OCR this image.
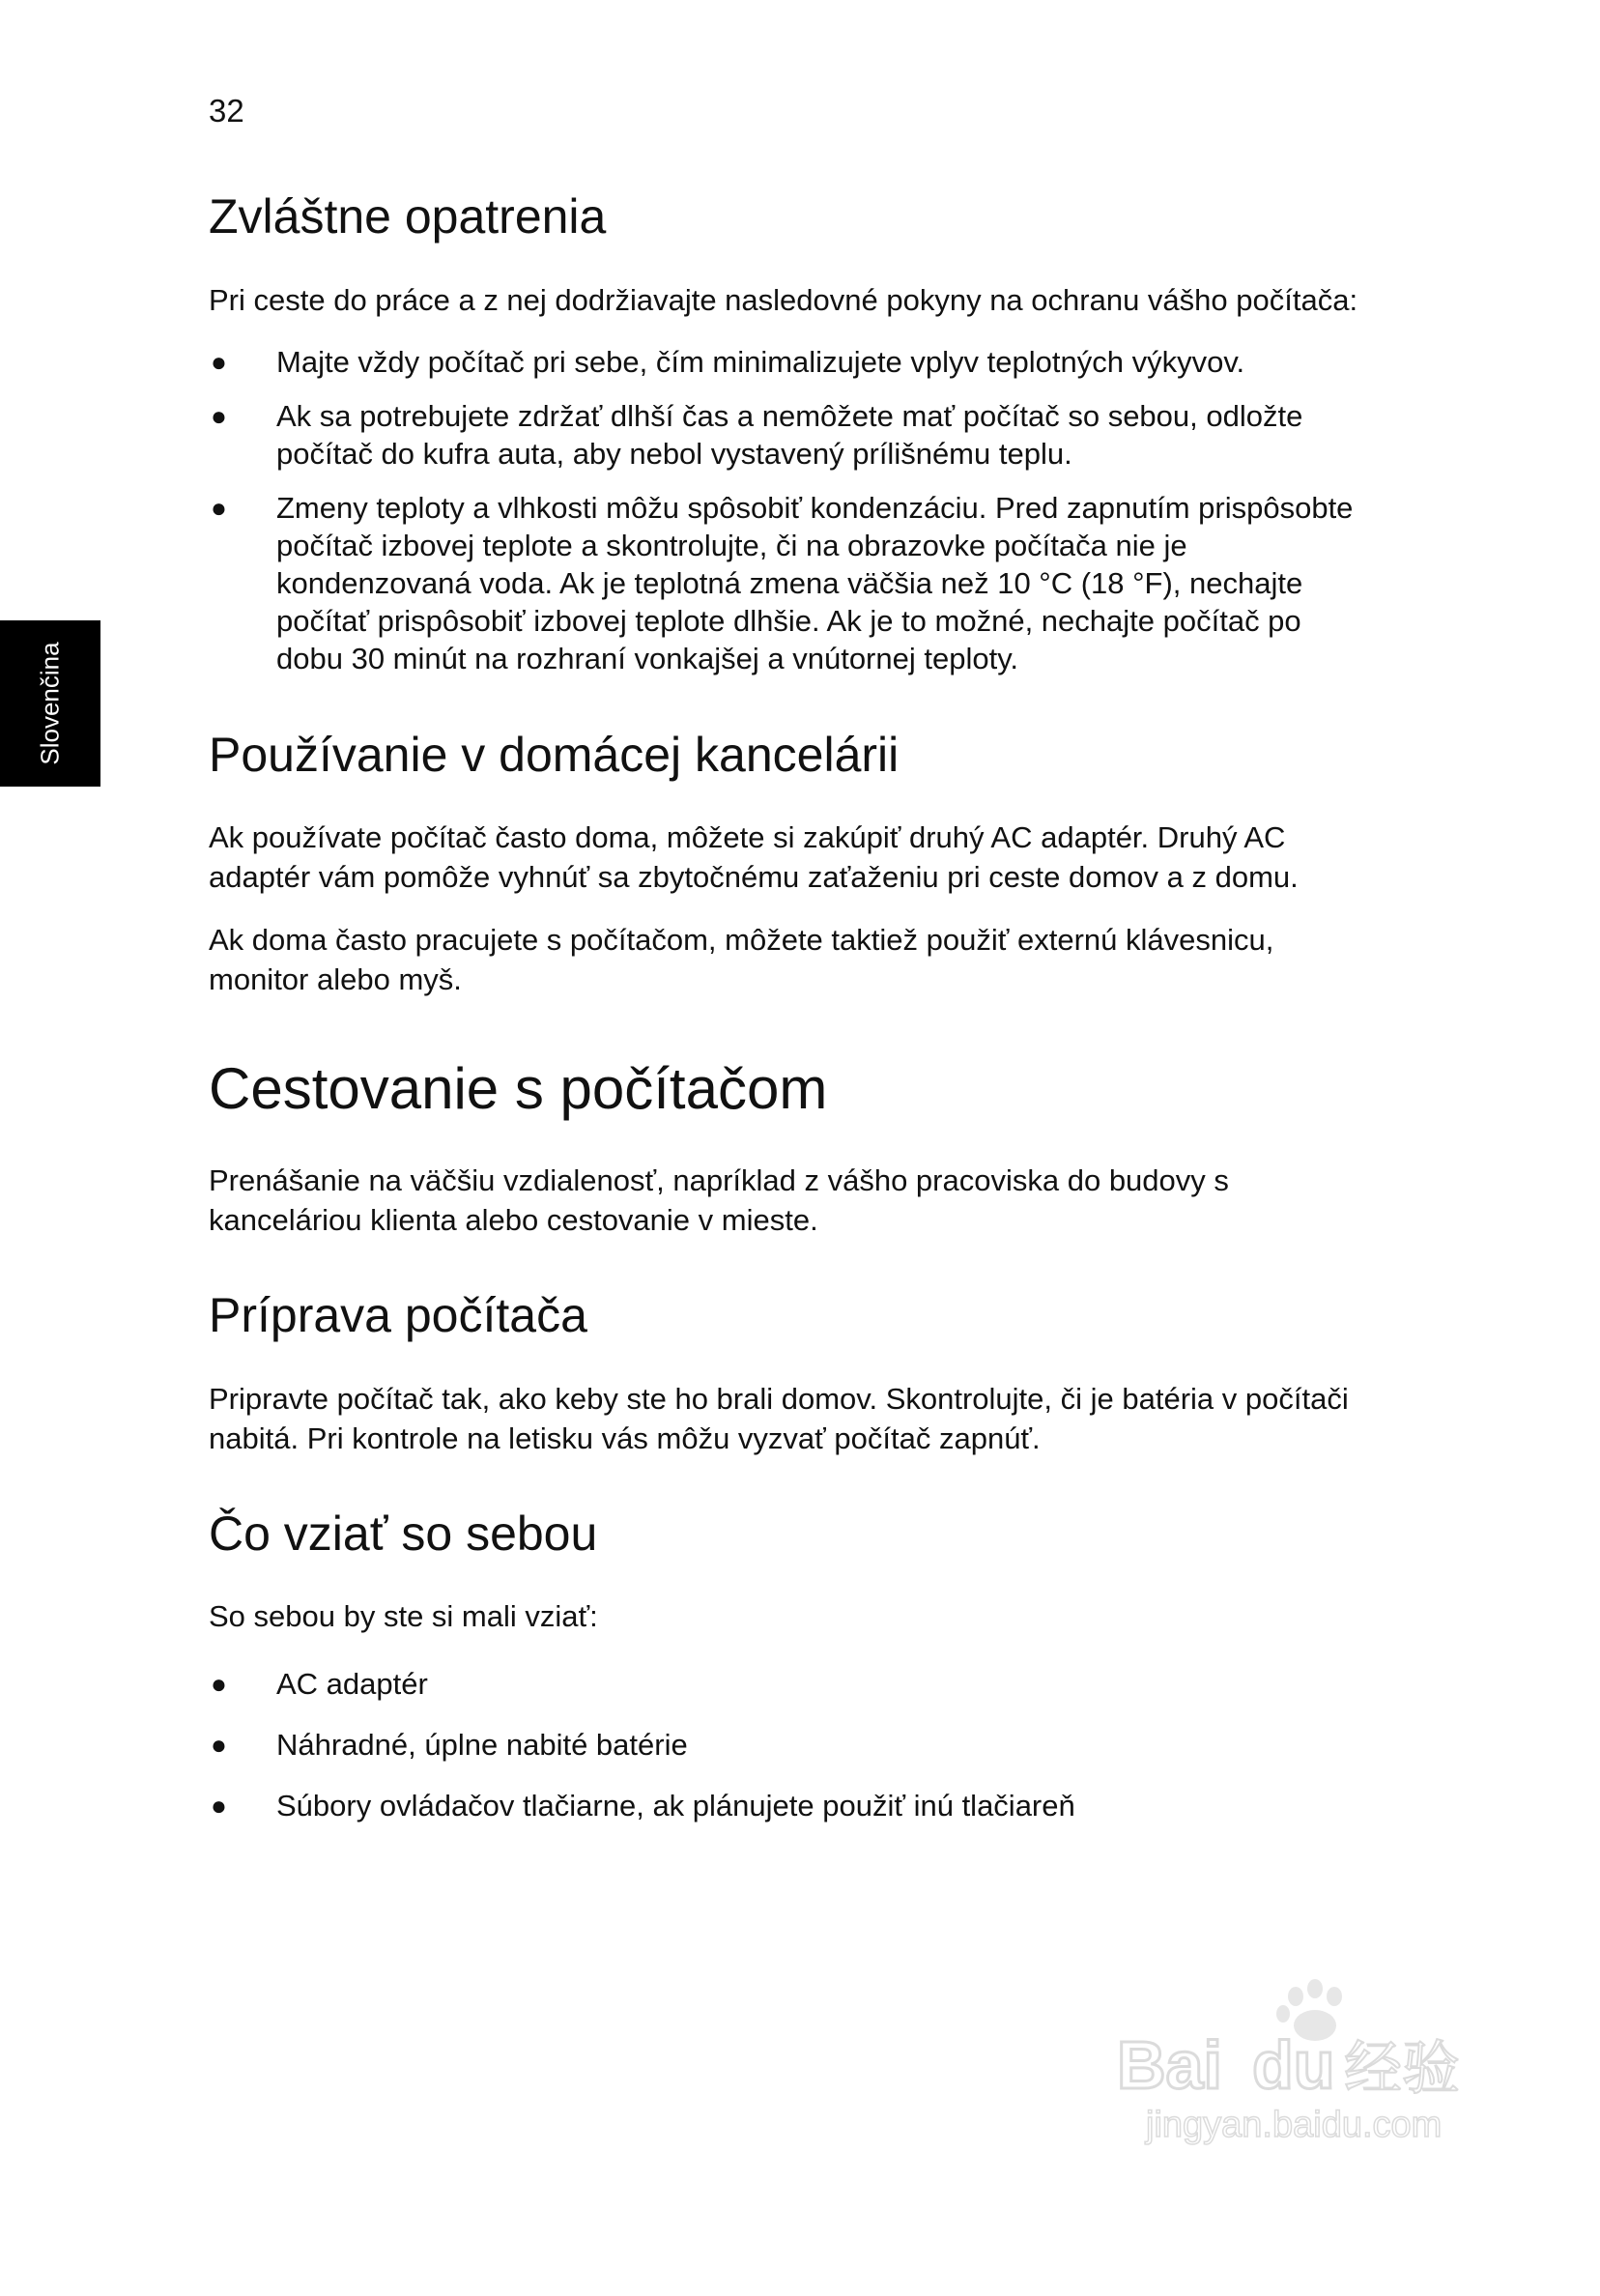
32
Slovenčina
Zvláštne opatrenia

Pri ceste do práce a z nej dodržiavajte nasledovné pokyny na ochranu vášho počítača:

● Majte vždy počítač pri sebe, čím minimalizujete vplyv teplotných výkyvov.
● Ak sa potrebujete zdržať dlhší čas a nemôžete mať počítač so sebou, odložte počítač do kufra auta, aby nebol vystavený prílišnému teplu.
● Zmeny teploty a vlhkosti môžu spôsobiť kondenzáciu. Pred zapnutím prispôsobte počítač izbovej teplote a skontrolujte, či na obrazovke počítača nie je kondenzovaná voda. Ak je teplotná zmena väčšia než 10 °C (18 °F), nechajte počítať prispôsobiť izbovej teplote dlhšie. Ak je to možné, nechajte počítač po dobu 30 minút na rozhraní vonkajšej a vnútornej teploty.
Používanie v domácej kancelárii

Ak používate počítač často doma, môžete si zakúpiť druhý AC adaptér. Druhý AC adaptér vám pomôže vyhnúť sa zbytočnému zaťaženiu pri ceste domov a z domu.

Ak doma často pracujete s počítačom, môžete taktiež použiť externú klávesnicu, monitor alebo myš.

Cestovanie s počítačom

Prenášanie na väčšiu vzdialenosť, napríklad z vášho pracoviska do budovy s kanceláriou klienta alebo cestovanie v mieste.

Príprava počítača

Pripravte počítač tak, ako keby ste ho brali domov. Skontrolujte, či je batéria v počítači nabitá. Pri kontrole na letisku vás môžu vyzvať počítač zapnúť.

Čo vziať so sebou

So sebou by ste si mali vziať:

● AC adaptér
● Náhradné, úplne nabité batérie
● Súbory ovládačov tlačiarne, ak plánujete použiť inú tlačiareň
Bai du 经验
jingyan.baidu.com
